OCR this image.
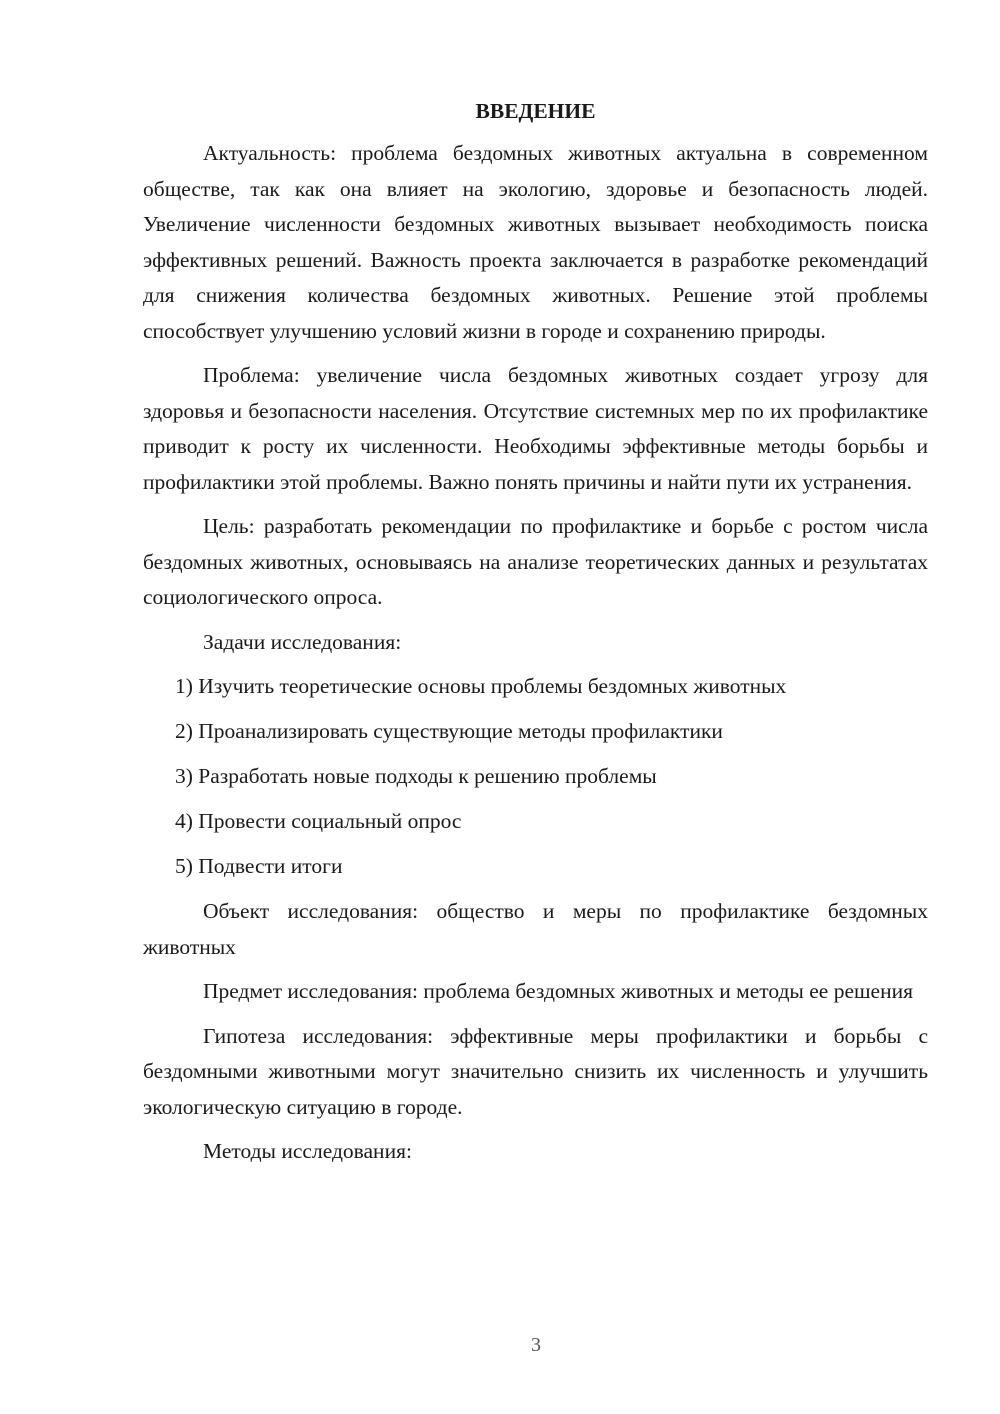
ВВЕДЕНИЕ

Актуальность: проблема бездомных животных актуальна в современном обществе, так как она влияет на экологию, здоровье и безопасность людей. Увеличение численности бездомных животных вызывает необходимость поиска эффективных решений. Важность проекта заключается в разработке рекомендаций для снижения количества бездомных животных. Решение этой проблемы способствует улучшению условий жизни в городе и сохранению природы.

Проблема: увеличение числа бездомных животных создает угрозу для здоровья и безопасности населения. Отсутствие системных мер по их профилактике приводит к росту их численности. Необходимы эффективные методы борьбы и профилактики этой проблемы. Важно понять причины и найти пути их устранения.

Цель: разработать рекомендации по профилактике и борьбе с ростом числа бездомных животных, основываясь на анализе теоретических данных и результатах социологического опроса.

Задачи исследования:

1) Изучить теоретические основы проблемы бездомных животных

2) Проанализировать существующие методы профилактики

3) Разработать новые подходы к решению проблемы

4) Провести социальный опрос

5) Подвести итоги

Объект исследования: общество и меры по профилактике бездомных животных

Предмет исследования: проблема бездомных животных и методы ее решения

Гипотеза исследования: эффективные меры профилактики и борьбы с бездомными животными могут значительно снизить их численность и улучшить экологическую ситуацию в городе.

Методы исследования:

3
